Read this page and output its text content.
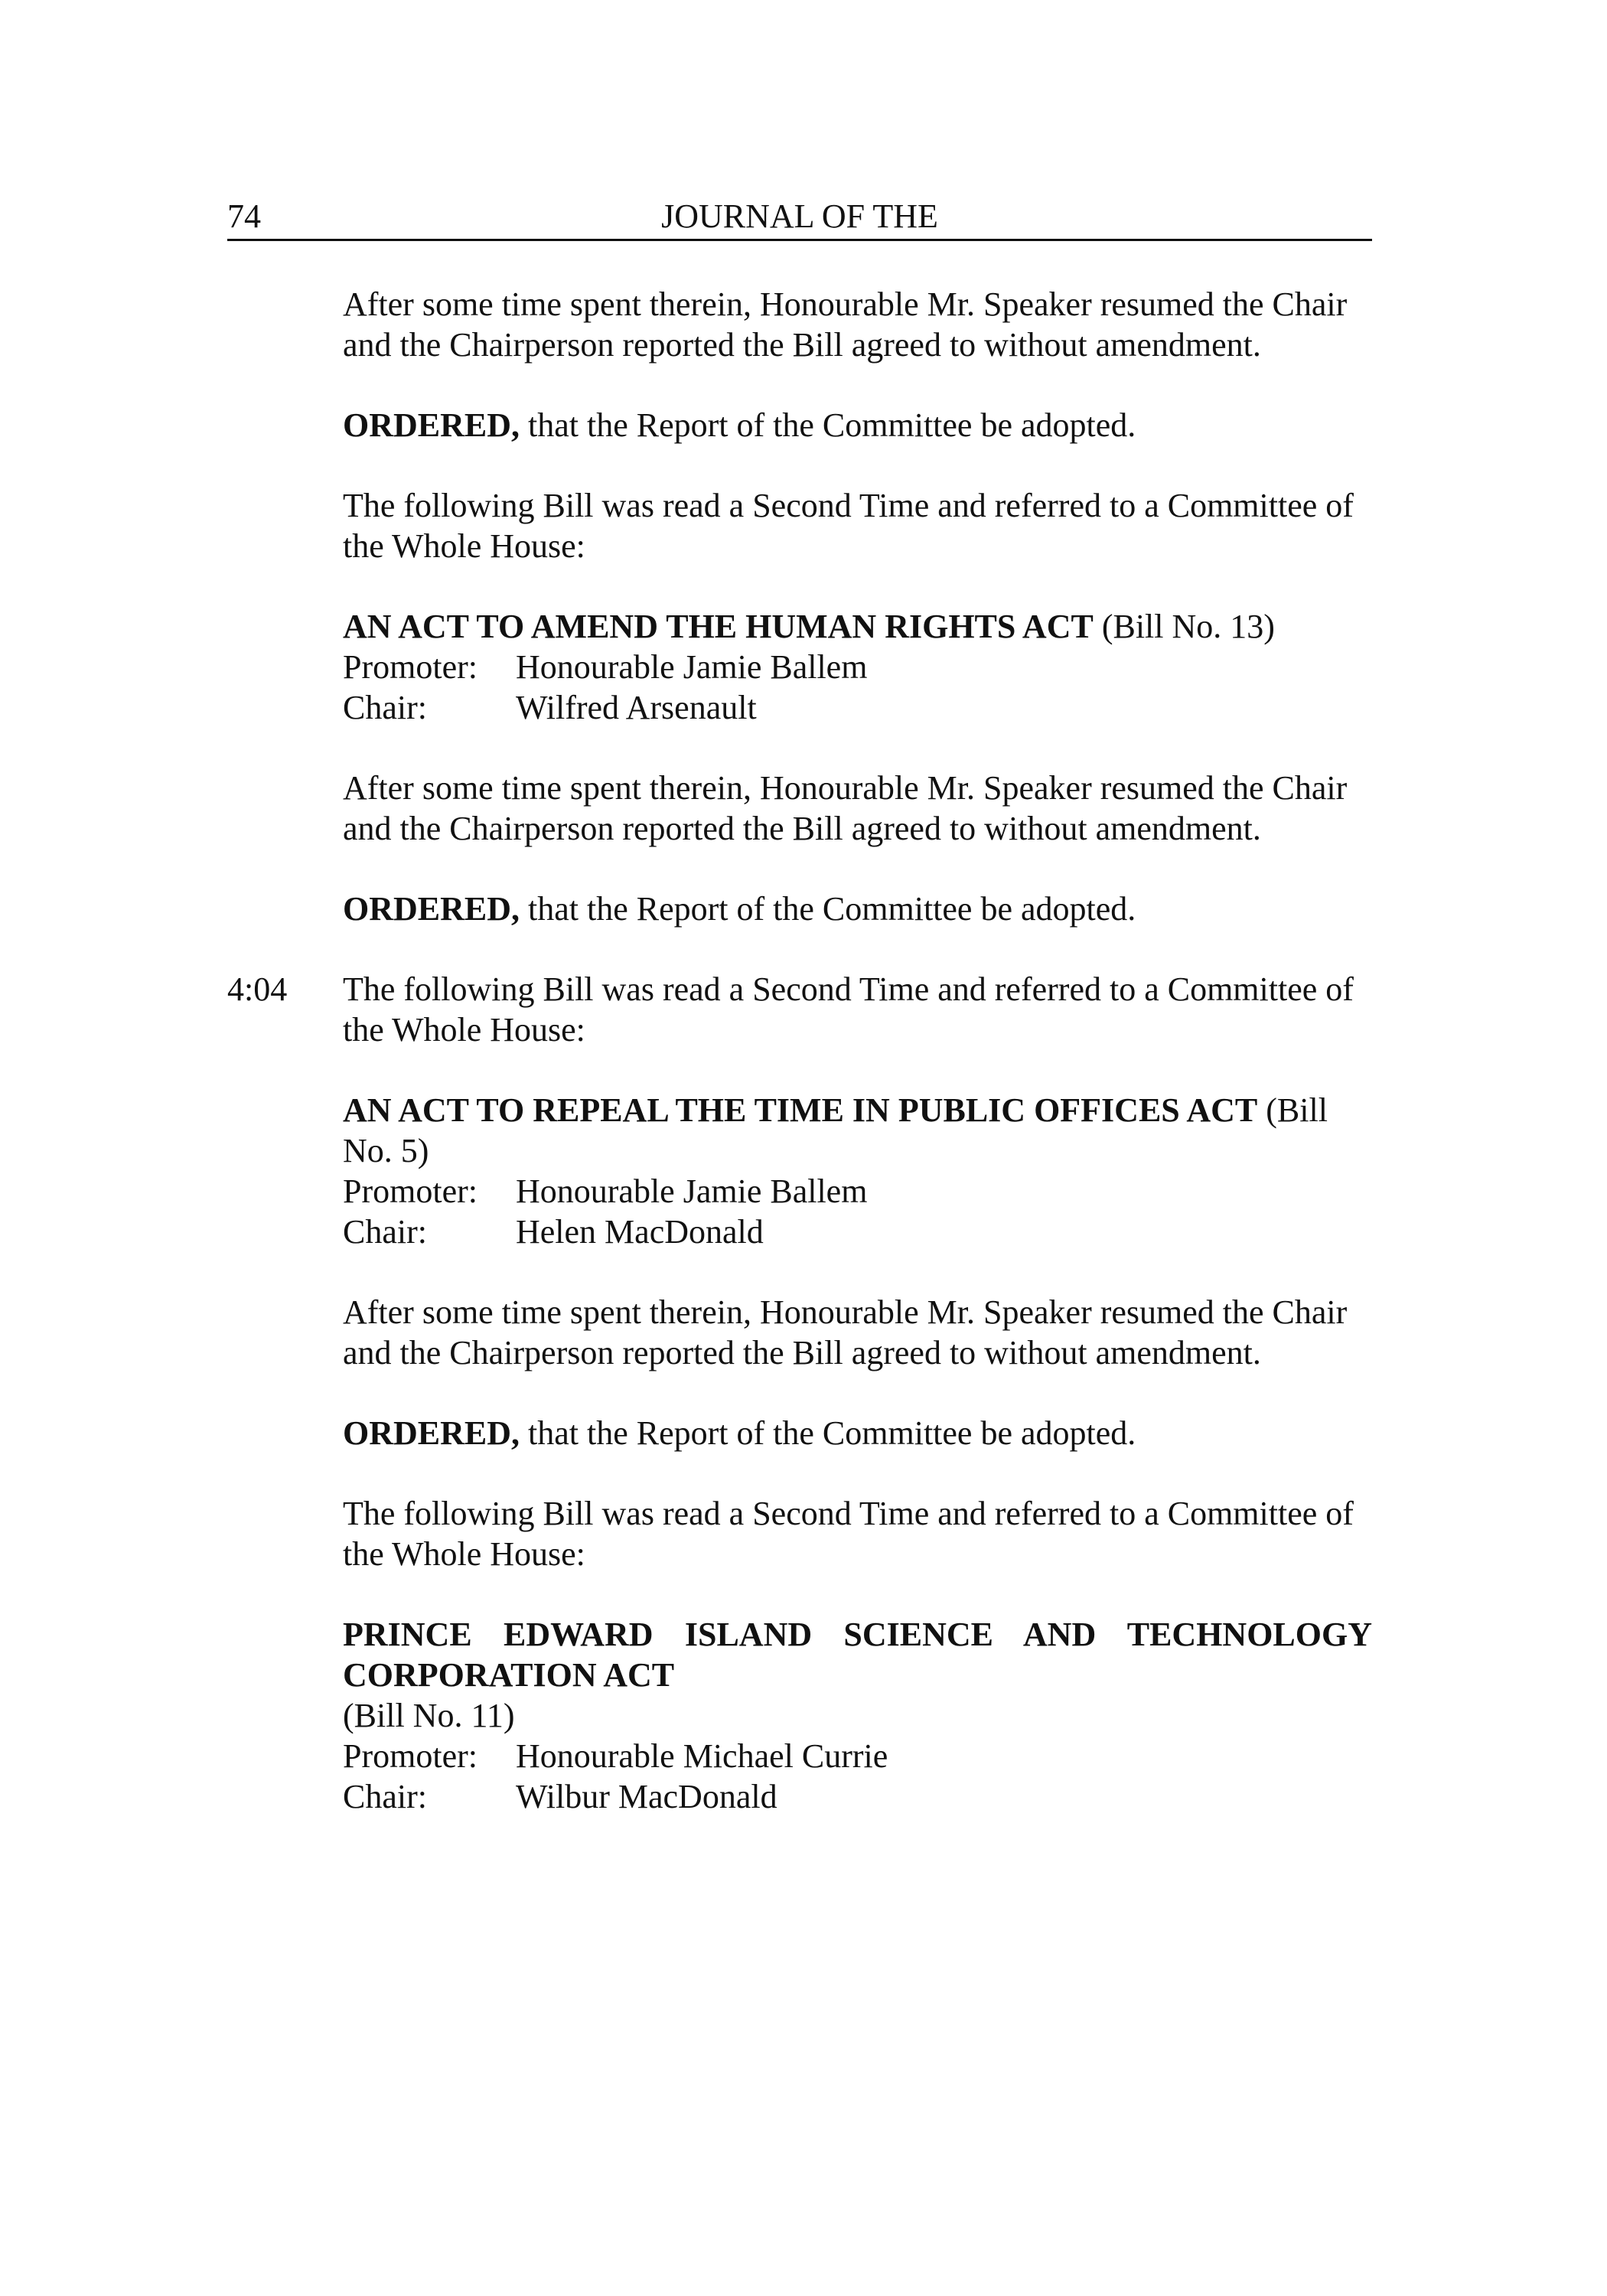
74	JOURNAL OF THE

After some time spent therein, Honourable Mr. Speaker resumed the Chair and the Chairperson reported the Bill agreed to without amendment.

ORDERED, that the Report of the Committee be adopted.

The following Bill was read a Second Time and referred to a Committee of the Whole House:

AN ACT TO AMEND THE HUMAN RIGHTS ACT (Bill No. 13)

Promoter:	Honourable Jamie Ballem
Chair:	Wilfred Arsenault

After some time spent therein, Honourable Mr. Speaker resumed the Chair and the Chairperson reported the Bill agreed to without amendment.

ORDERED, that the Report of the Committee be adopted.

4:04 The following Bill was read a Second Time and referred to a Committee of the Whole House:

AN ACT TO REPEAL THE TIME IN PUBLIC OFFICES ACT (Bill No. 5)

Promoter:	Honourable Jamie Ballem
Chair:	Helen MacDonald

After some time spent therein, Honourable Mr. Speaker resumed the Chair and the Chairperson reported the Bill agreed to without amendment.

ORDERED, that the Report of the Committee be adopted.

The following Bill was read a Second Time and referred to a Committee of the Whole House:

PRINCE EDWARD ISLAND SCIENCE AND TECHNOLOGY

CORPORATION ACT

(Bill No. 11)

Promoter:	Honourable Michael Currie
Chair:	Wilbur MacDonald
